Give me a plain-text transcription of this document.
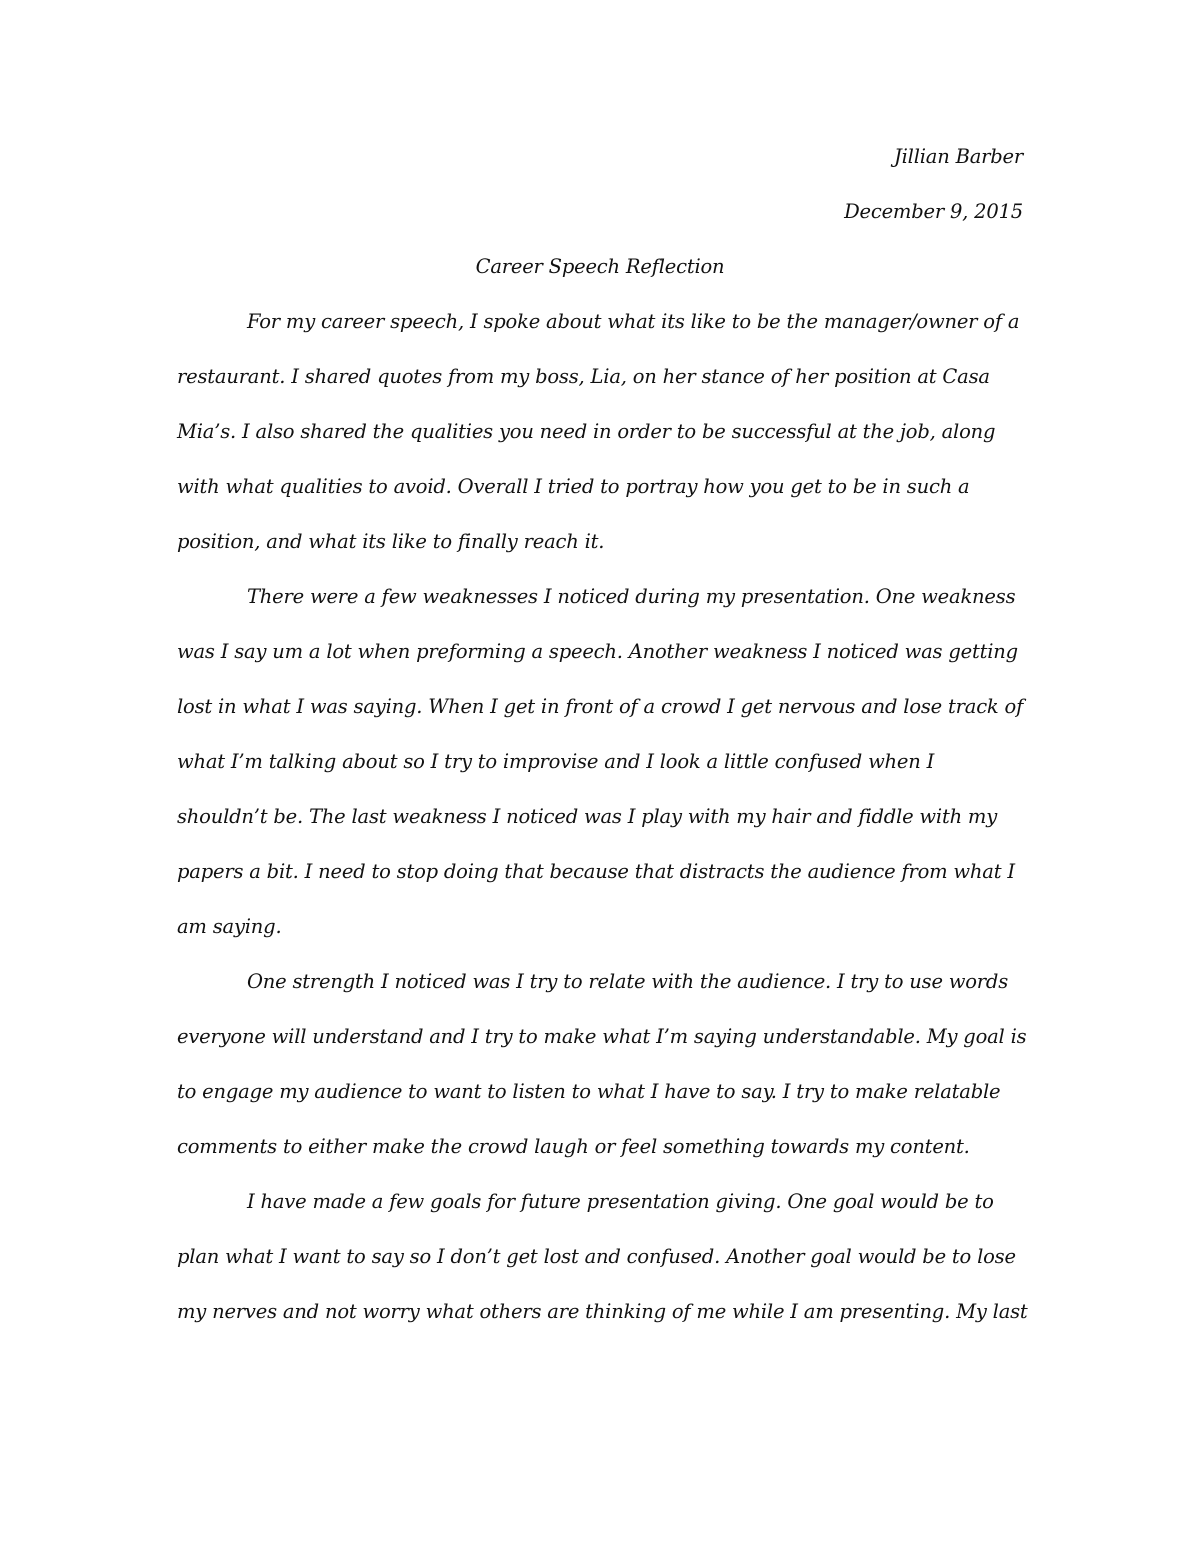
Jillian Barber
December 9, 2015
Career Speech Reflection
For my career speech, I spoke about what its like to be the manager/owner of a
restaurant. I shared quotes from my boss, Lia, on her stance of her position at Casa
Mia’s. I also shared the qualities you need in order to be successful at the job, along
with what qualities to avoid. Overall I tried to portray how you get to be in such a
position, and what its like to finally reach it.
There were a few weaknesses I noticed during my presentation. One weakness
was I say um a lot when preforming a speech. Another weakness I noticed was getting
lost in what I was saying. When I get in front of a crowd I get nervous and lose track of
what I’m talking about so I try to improvise and I look a little confused when I
shouldn’t be. The last weakness I noticed was I play with my hair and fiddle with my
papers a bit. I need to stop doing that because that distracts the audience from what I
am saying.
One strength I noticed was I try to relate with the audience. I try to use words
everyone will understand and I try to make what I’m saying understandable. My goal is
to engage my audience to want to listen to what I have to say. I try to make relatable
comments to either make the crowd laugh or feel something towards my content.
I have made a few goals for future presentation giving. One goal would be to
plan what I want to say so I don’t get lost and confused. Another goal would be to lose
my nerves and not worry what others are thinking of me while I am presenting. My last
